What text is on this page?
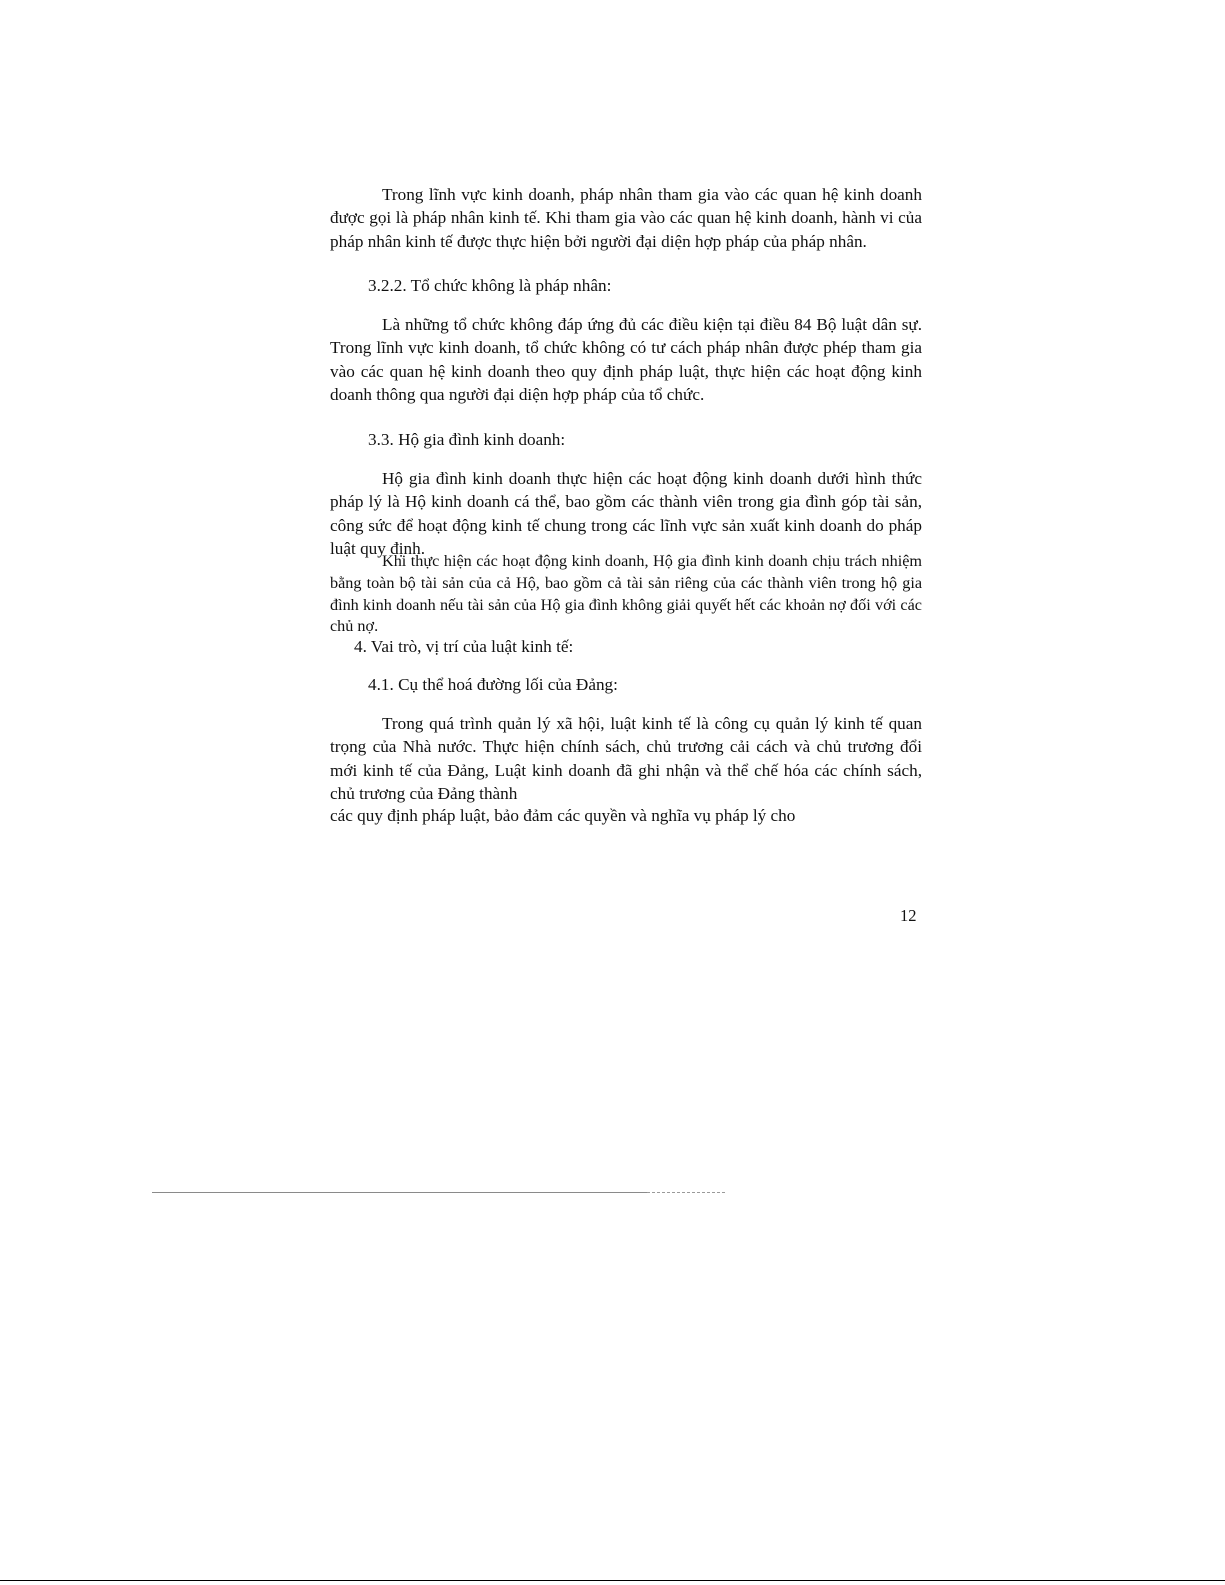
Trong lĩnh vực kinh doanh, pháp nhân tham gia vào các quan hệ kinh doanh được gọi là pháp nhân kinh tế. Khi tham gia vào các quan hệ kinh doanh, hành vi của pháp nhân kinh tế được thực hiện bởi người đại diện hợp pháp của pháp nhân.
3.2.2. Tổ chức không là pháp nhân:
Là những tổ chức không đáp ứng đủ các điều kiện tại điều 84 Bộ luật dân sự. Trong lĩnh vực kinh doanh, tổ chức không có tư cách pháp nhân được phép tham gia vào các quan hệ kinh doanh theo quy định pháp luật, thực hiện các hoạt động kinh doanh thông qua người đại diện hợp pháp của tổ chức.
3.3. Hộ gia đình kinh doanh:
Hộ gia đình kinh doanh thực hiện các hoạt động kinh doanh dưới hình thức pháp lý là Hộ kinh doanh cá thể, bao gồm các thành viên trong gia đình góp tài sản, công sức để hoạt động kinh tế chung trong các lĩnh vực sản xuất kinh doanh do pháp luật quy định.
Khi thực hiện các hoạt động kinh doanh, Hộ gia đình kinh doanh chịu trách nhiệm bằng toàn bộ tài sản của cả Hộ, bao gồm cả tài sản riêng của các thành viên trong hộ gia đình kinh doanh nếu tài sản của Hộ gia đình không giải quyết hết các khoản nợ đối với các chủ nợ.
4. Vai trò, vị trí của luật kinh tế:
4.1. Cụ thể hoá đường lối của Đảng:
Trong quá trình quản lý xã hội, luật kinh tế là công cụ quản lý kinh tế quan trọng của Nhà nước. Thực hiện chính sách, chủ trương cải cách và chủ trương đổi mới kinh tế của Đảng, Luật kinh doanh đã ghi nhận và thể chế hóa các chính sách, chủ trương của Đảng thành
các quy định pháp luật, bảo đảm các quyền và nghĩa vụ pháp lý cho
12
